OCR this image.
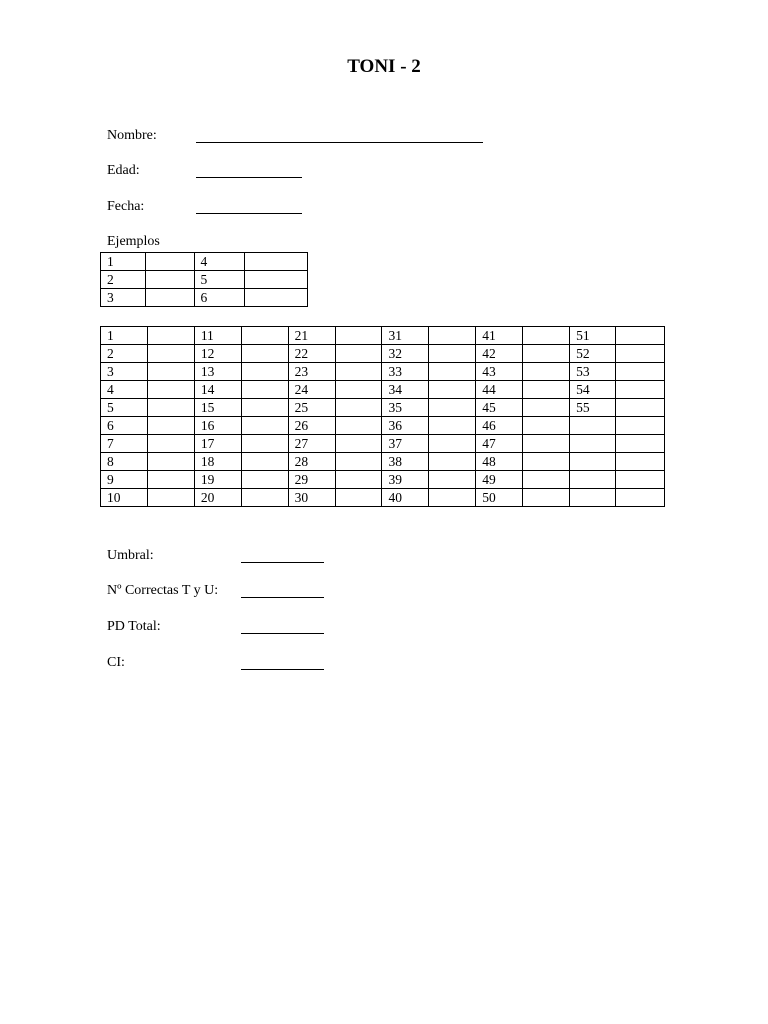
TONI - 2
Nombre:
Edad:
Fecha:
Ejemplos
1		4	
2		5	
3		6	
1		11		21		31		41		51	
2		12		22		32		42		52	
3		13		23		33		43		53	
4		14		24		34		44		54	
5		15		25		35		45		55	
6		16		26		36		46			
7		17		27		37		47			
8		18		28		38		48			
9		19		29		39		49			
10		20		30		40		50			
Umbral:
Nº Correctas T y U:
PD Total:
CI:
